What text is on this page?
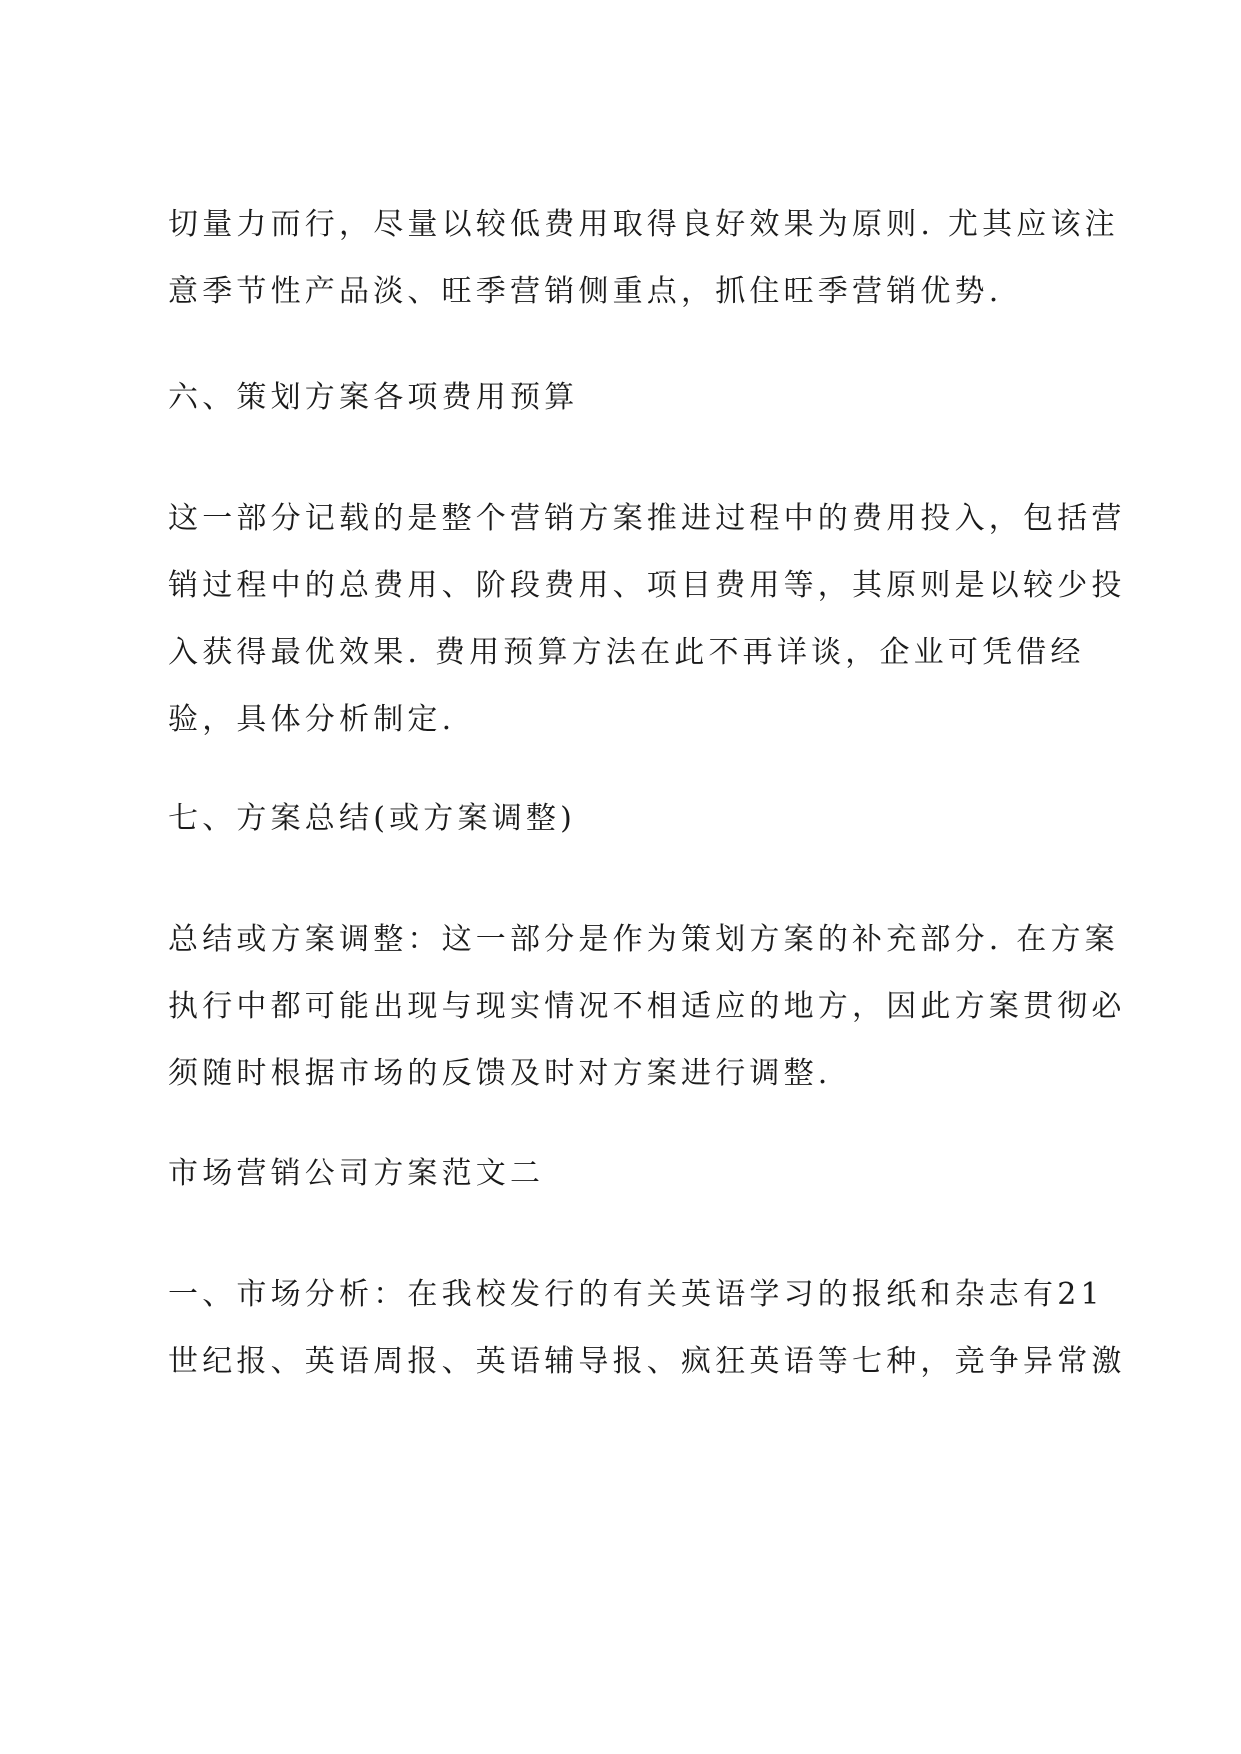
切量力而行，尽量以较低费用取得良好效果为原则. 尤其应该注
意季节性产品淡、旺季营销侧重点，抓住旺季营销优势.

六、策划方案各项费用预算

这一部分记载的是整个营销方案推进过程中的费用投入，包括营
销过程中的总费用、阶段费用、项目费用等，其原则是以较少投
入获得最优效果. 费用预算方法在此不再详谈，企业可凭借经
验，具体分析制定.

七、方案总结(或方案调整)

总结或方案调整：这一部分是作为策划方案的补充部分. 在方案
执行中都可能出现与现实情况不相适应的地方，因此方案贯彻必
须随时根据市场的反馈及时对方案进行调整.

市场营销公司方案范文二

一、市场分析：在我校发行的有关英语学习的报纸和杂志有21
世纪报、英语周报、英语辅导报、疯狂英语等七种，竞争异常激
